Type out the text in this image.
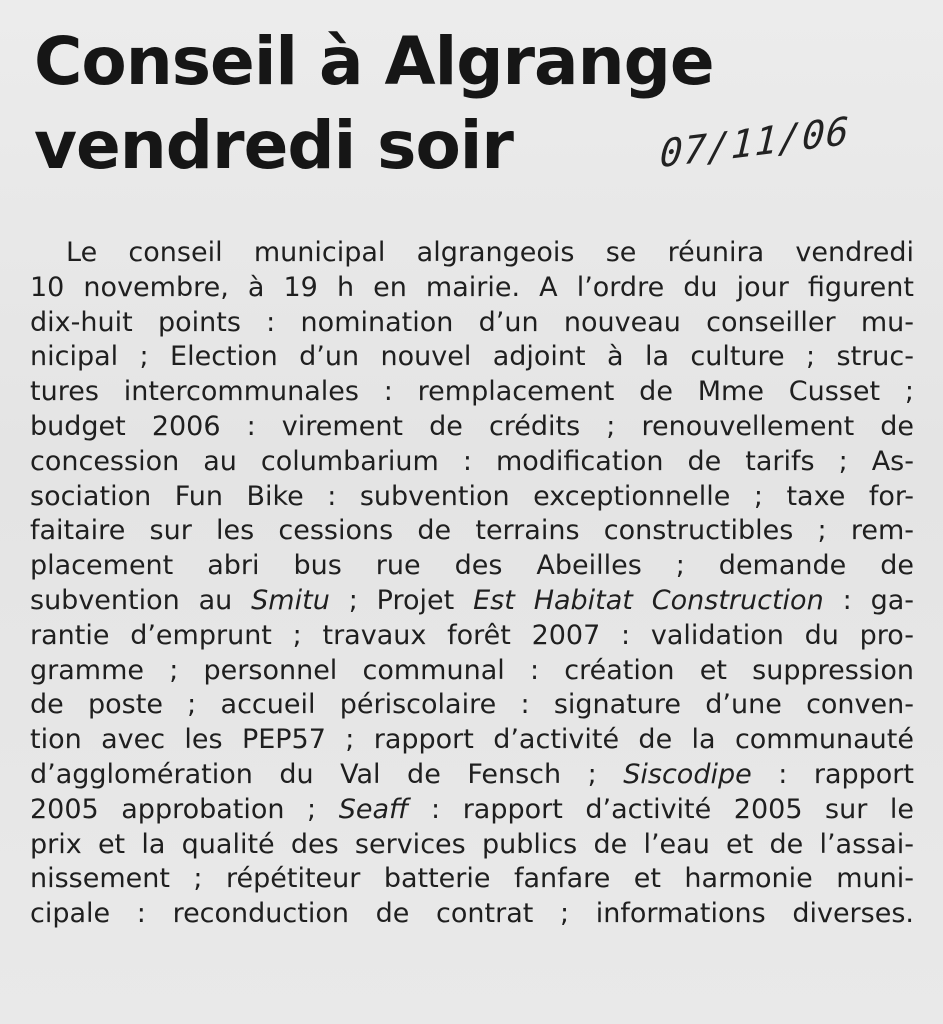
Conseil à Algrange
vendredi soir	07/11/06
Le conseil municipal algrangeois se réunira vendredi
10 novembre, à 19 h en mairie. A l’ordre du jour figurent
dix-huit points : nomination d’un nouveau conseiller mu-
nicipal ; Election d’un nouvel adjoint à la culture ; struc-
tures intercommunales : remplacement de Mme Cusset ;
budget 2006 : virement de crédits ; renouvellement de
concession au columbarium : modification de tarifs ; As-
sociation Fun Bike : subvention exceptionnelle ; taxe for-
faitaire sur les cessions de terrains constructibles ; rem-
placement abri bus rue des Abeilles ; demande de
subvention au Smitu ; Projet Est Habitat Construction : ga-
rantie d’emprunt ; travaux forêt 2007 : validation du pro-
gramme ; personnel communal : création et suppression
de poste ; accueil périscolaire : signature d’une conven-
tion avec les PEP57 ; rapport d’activité de la communauté
d’agglomération du Val de Fensch ; Siscodipe : rapport
2005 approbation ; Seaff : rapport d’activité 2005 sur le
prix et la qualité des services publics de l’eau et de l’assai-
nissement ; répétiteur batterie fanfare et harmonie muni-
cipale : reconduction de contrat ; informations diverses.
